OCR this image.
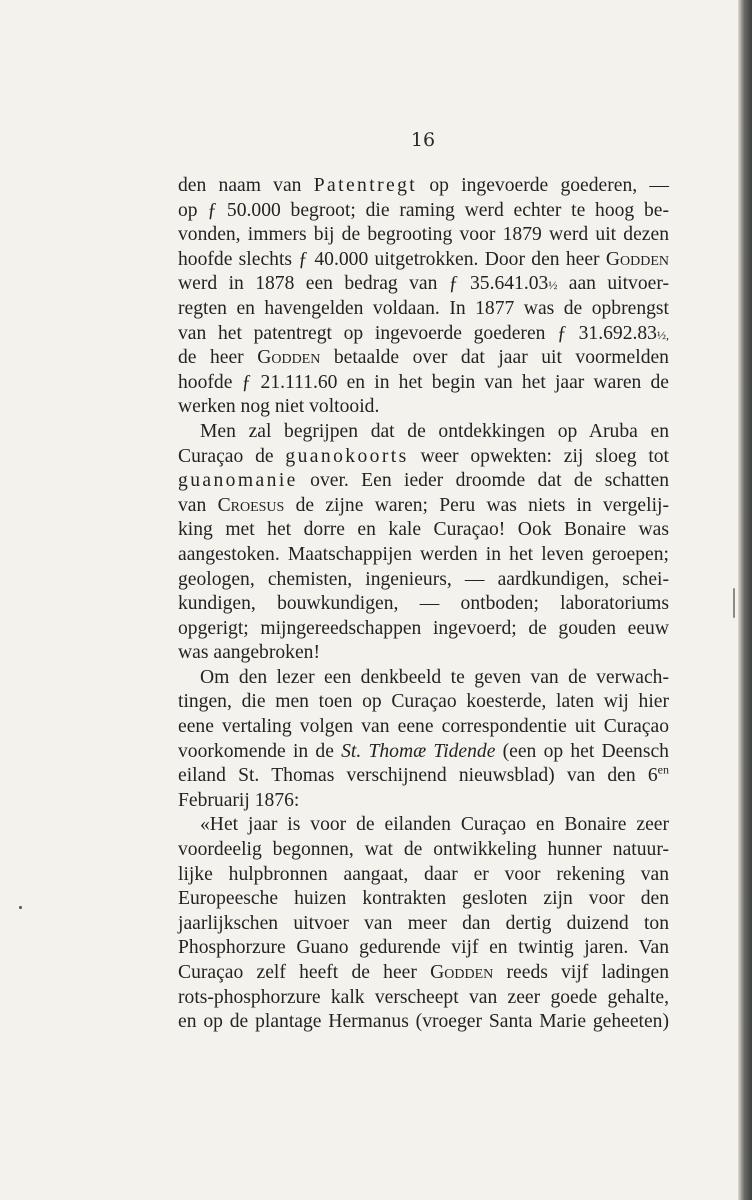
16
den naam van Patentregt op ingevoerde goederen, —
op ƒ 50.000 begroot; die raming werd echter te hoog be-
vonden, immers bij de begrooting voor 1879 werd uit dezen
hoofde slechts ƒ 40.000 uitgetrokken. Door den heer Godden
werd in 1878 een bedrag van ƒ 35.641.03½ aan uitvoer-
regten en havengelden voldaan. In 1877 was de opbrengst
van het patentregt op ingevoerde goederen ƒ 31.692.83½,
de heer Godden betaalde over dat jaar uit voormelden
hoofde ƒ 21.111.60 en in het begin van het jaar waren de
werken nog niet voltooid.
Men zal begrijpen dat de ontdekkingen op Aruba en
Curaçao de guanokoorts weer opwekten: zij sloeg tot
guanomanie over. Een ieder droomde dat de schatten
van Croesus de zijne waren; Peru was niets in vergelij-
king met het dorre en kale Curaçao! Ook Bonaire was
aangestoken. Maatschappijen werden in het leven geroepen;
geologen, chemisten, ingenieurs, — aardkundigen, schei-
kundigen, bouwkundigen, — ontboden; laboratoriums
opgerigt; mijngereedschappen ingevoerd; de gouden eeuw
was aangebroken!
Om den lezer een denkbeeld te geven van de verwach-
tingen, die men toen op Curaçao koesterde, laten wij hier
eene vertaling volgen van eene correspondentie uit Curaçao
voorkomende in de St. Thomæ Tidende (een op het Deensch
eiland St. Thomas verschijnend nieuwsblad) van den $6^{en}$
Februarij 1876:
«Het jaar is voor de eilanden Curaçao en Bonaire zeer
voordeelig begonnen, wat de ontwikkeling hunner natuur-
lijke hulpbronnen aangaat, daar er voor rekening van
Europeesche huizen kontrakten gesloten zijn voor den
jaarlijkschen uitvoer van meer dan dertig duizend ton
Phosphorzure Guano gedurende vijf en twintig jaren. Van
Curaçao zelf heeft de heer Godden reeds vijf ladingen
rots-phosphorzure kalk verscheept van zeer goede gehalte,
en op de plantage Hermanus (vroeger Santa Marie geheeten)
